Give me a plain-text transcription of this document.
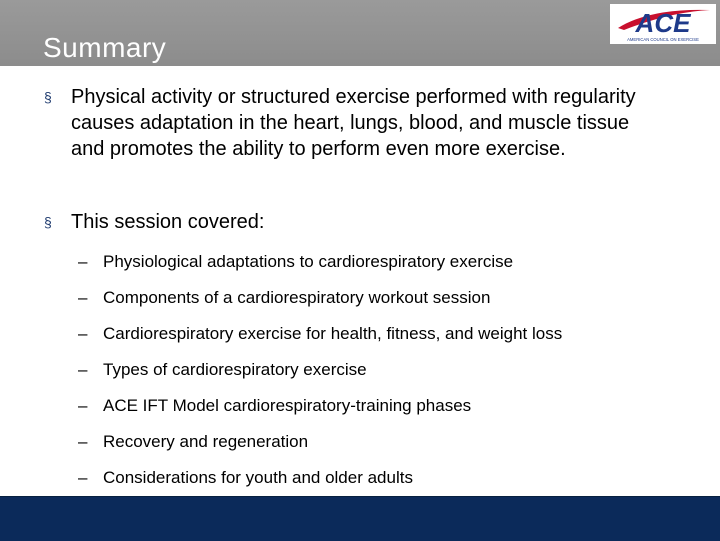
Summary
ACE
AMERICAN COUNCIL ON EXERCISE
§ Physical activity or structured exercise performed with regularity causes adaptation in the heart, lungs, blood, and muscle tissue and promotes the ability to perform even more exercise.
§ This session covered:
– Physiological adaptations to cardiorespiratory exercise
– Components of a cardiorespiratory workout session
– Cardiorespiratory exercise for health, fitness, and weight loss
– Types of cardiorespiratory exercise
– ACE IFT Model cardiorespiratory-training phases
– Recovery and regeneration
– Considerations for youth and older adults
